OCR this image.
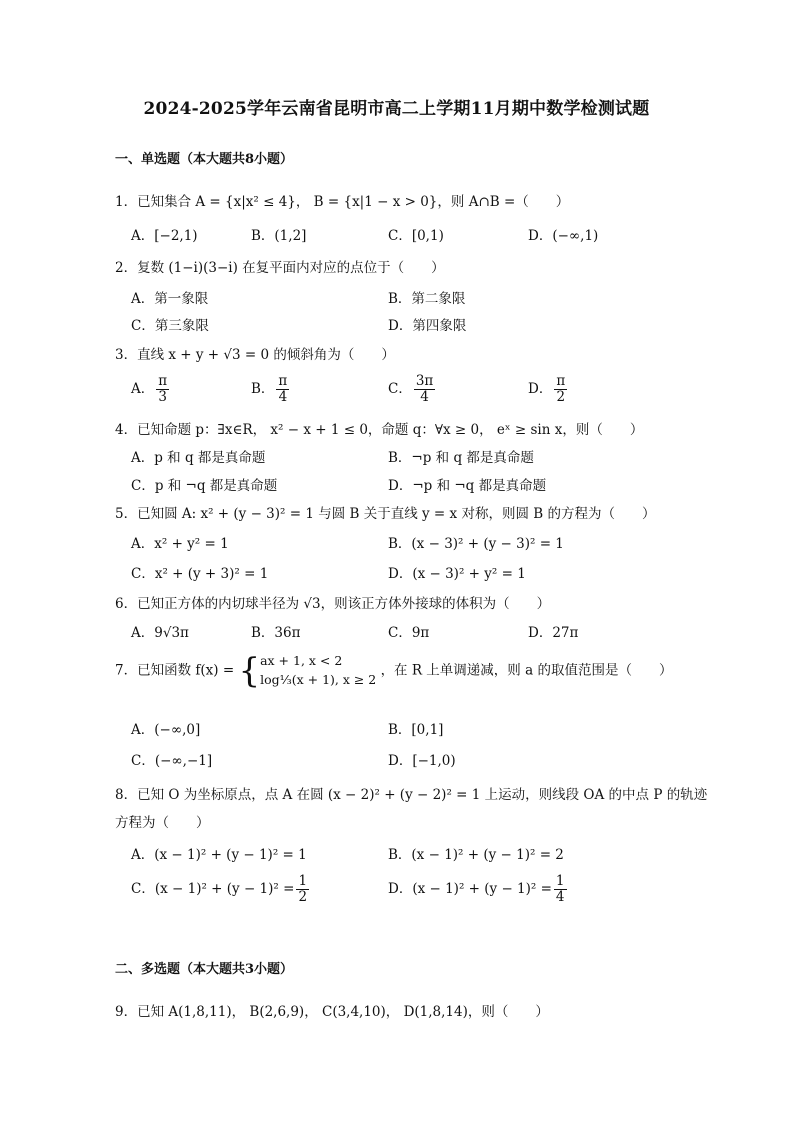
2024-2025学年云南省昆明市高二上学期11月期中数学检测试题
一、单选题（本大题共8小题）
1．已知集合 A = {x|x² ≤ 4}， B = {x|1 − x > 0}，则 A∩B =（　　）
A．[−2,1)	B．(1,2]	C．[0,1)	D．(−∞,1)
2．复数 (1−i)(3−i) 在复平面内对应的点位于（　　）
A．第一象限	B．第二象限
C．第三象限	D．第四象限
3．直线 x + y + √3 = 0 的倾斜角为（　　）
A． $\frac{\pi}{3}$	B． $\frac{\pi}{4}$	C． $\frac{3\pi}{4}$	D． $\frac{\pi}{2}$
4．已知命题 p：∃x∈R， x² − x + 1 ≤ 0，命题 q：∀x ≥ 0， eˣ ≥ sin x，则（　　）
A．p 和 q 都是真命题	B．¬p 和 q 都是真命题
C．p 和 ¬q 都是真命题	D．¬p 和 ¬q 都是真命题
5．已知圆 A: x² + (y − 3)² = 1 与圆 B 关于直线 y = x 对称，则圆 B 的方程为（　　）
A．x² + y² = 1	B．(x − 3)² + (y − 3)² = 1
C．x² + (y + 3)² = 1	D．(x − 3)² + y² = 1
6．已知正方体的内切球半径为 √3，则该正方体外接球的体积为（　　）
A．9√3π	B．36π	C．9π	D．27π
7．已知函数 f(x) = { ax + 1, x < 2
log⅓(x + 1), x ≥ 2
，在 R 上单调递减，则 a 的取值范围是（　　）
A．(−∞,0]	B．[0,1]
C．(−∞,−1]	D．[−1,0)
8．已知 O 为坐标原点，点 A 在圆 (x − 2)² + (y − 2)² = 1 上运动，则线段 OA 的中点 P 的轨迹
方程为（　　）
A．(x − 1)² + (y − 1)² = 1	B．(x − 1)² + (y − 1)² = 2
C．$(x - 1)^2 + (y - 1)^2 = \frac{1}{2}$	D．$(x - 1)^2 + (y - 1)^2 = \frac{1}{4}$
二、多选题（本大题共3小题）
9．已知 A(1,8,11)， B(2,6,9)， C(3,4,10)， D(1,8,14)，则（　　）
